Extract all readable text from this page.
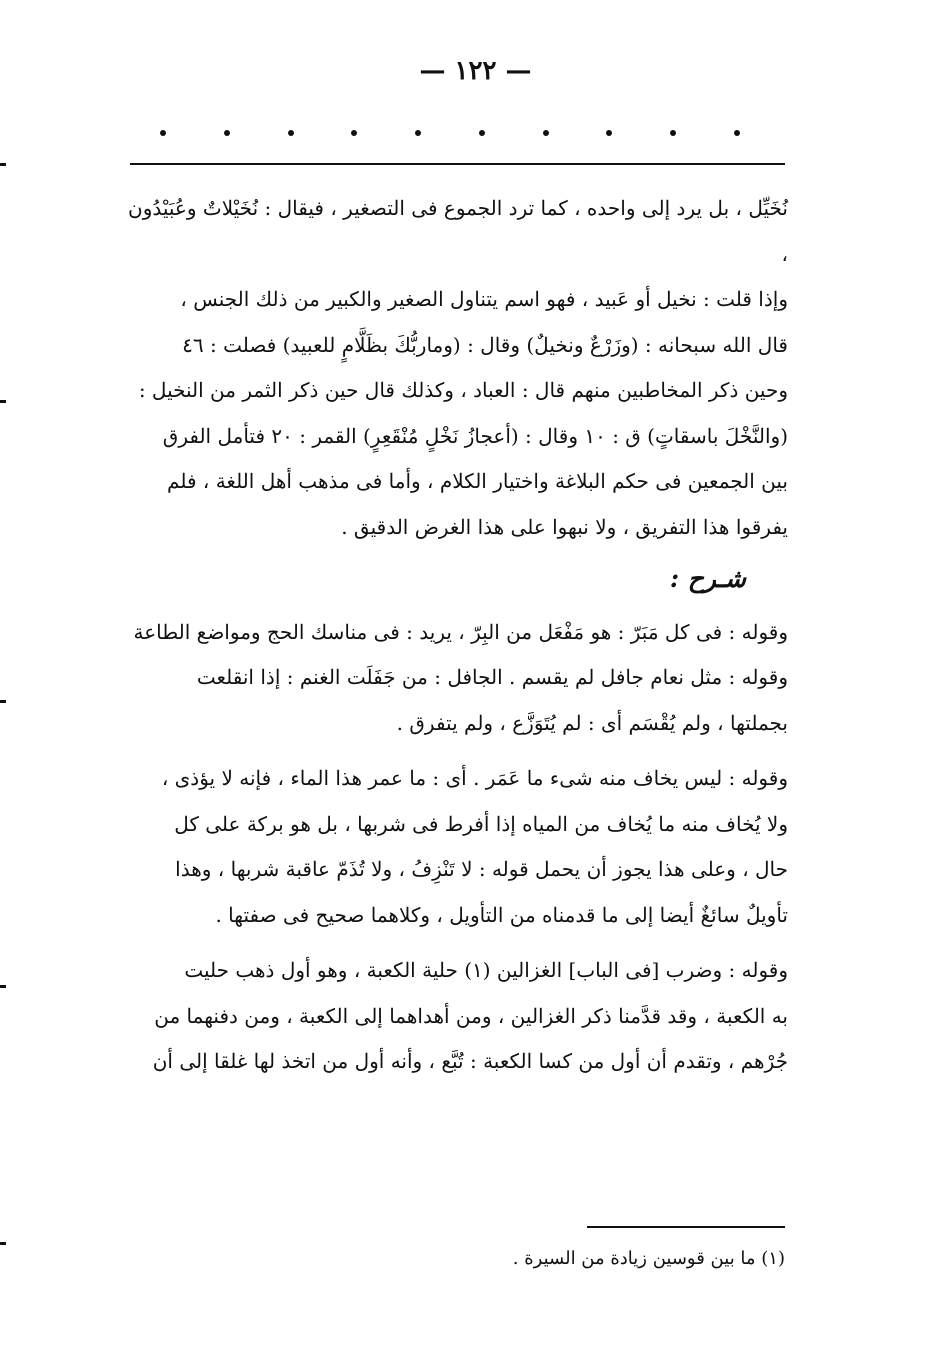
— ١٢٢ —

نُخَيِّل ، بل يرد إلى واحده ، كما ترد الجموع فى التصغير ، فيقال : نُخَيْلاتٌ وعُبَيْدُون ،

وإذا قلت : نخيل أو عَبيد ، فهو اسم يتناول الصغير والكبير من ذلك الجنس ،

قال الله سبحانه : (وزَرْعٌ ونخيلٌ) وقال : (وماربُّكَ بظَلَّامٍ للعبيد) فصلت : ٤٦

وحين ذكر المخاطبين منهم قال : العباد ، وكذلك قال حين ذكر الثمر من النخيل :

(والنَّخْلَ باسقاتٍ) ق : ١٠ وقال : (أعجازُ نَخْلٍ مُنْقَعِرٍ) القمر : ٢٠ فتأمل الفرق

بين الجمعين فى حكم البلاغة واختيار الكلام ، وأما فى مذهب أهل اللغة ، فلم

يفرقوا هذا التفريق ، ولا نبهوا على هذا الغرض الدقيق .

شـرح :

وقوله : فى كل مَبَرّ : هو مَفْعَل من البِرّ ، يريد : فى مناسك الحج ومواضع الطاعة

وقوله : مثل نعام جافل لم يقسم . الجافل : من جَفَلَت الغنم : إذا انقلعت

بجملتها ، ولم يُقْسَم أى : لم يُتَوَزَّع ، ولم يتفرق .

وقوله : ليس يخاف منه شىء ما عَمَر . أى : ما عمر هذا الماء ، فإنه لا يؤذى ،

ولا يُخاف منه ما يُخاف من المياه إذا أفرط فى شربها ، بل هو بركة على كل

حال ، وعلى هذا يجوز أن يحمل قوله : لا تَنْزِفُ ، ولا تُذَمّ عاقبة شربها ، وهذا

تأويلٌ سائغٌ أيضا إلى ما قدمناه من التأويل ، وكلاهما صحيح فى صفتها .

وقوله : وضرب [فى الباب] الغزالين (١) حلية الكعبة ، وهو أول ذهب حليت

به الكعبة ، وقد قدَّمنا ذكر الغزالين ، ومن أهداهما إلى الكعبة ، ومن دفنهما من

جُرْهم ، وتقدم أن أول من كسا الكعبة : تُبَّع ، وأنه أول من اتخذ لها غلقا إلى أن

(١) ما بين قوسين زيادة من السيرة .
